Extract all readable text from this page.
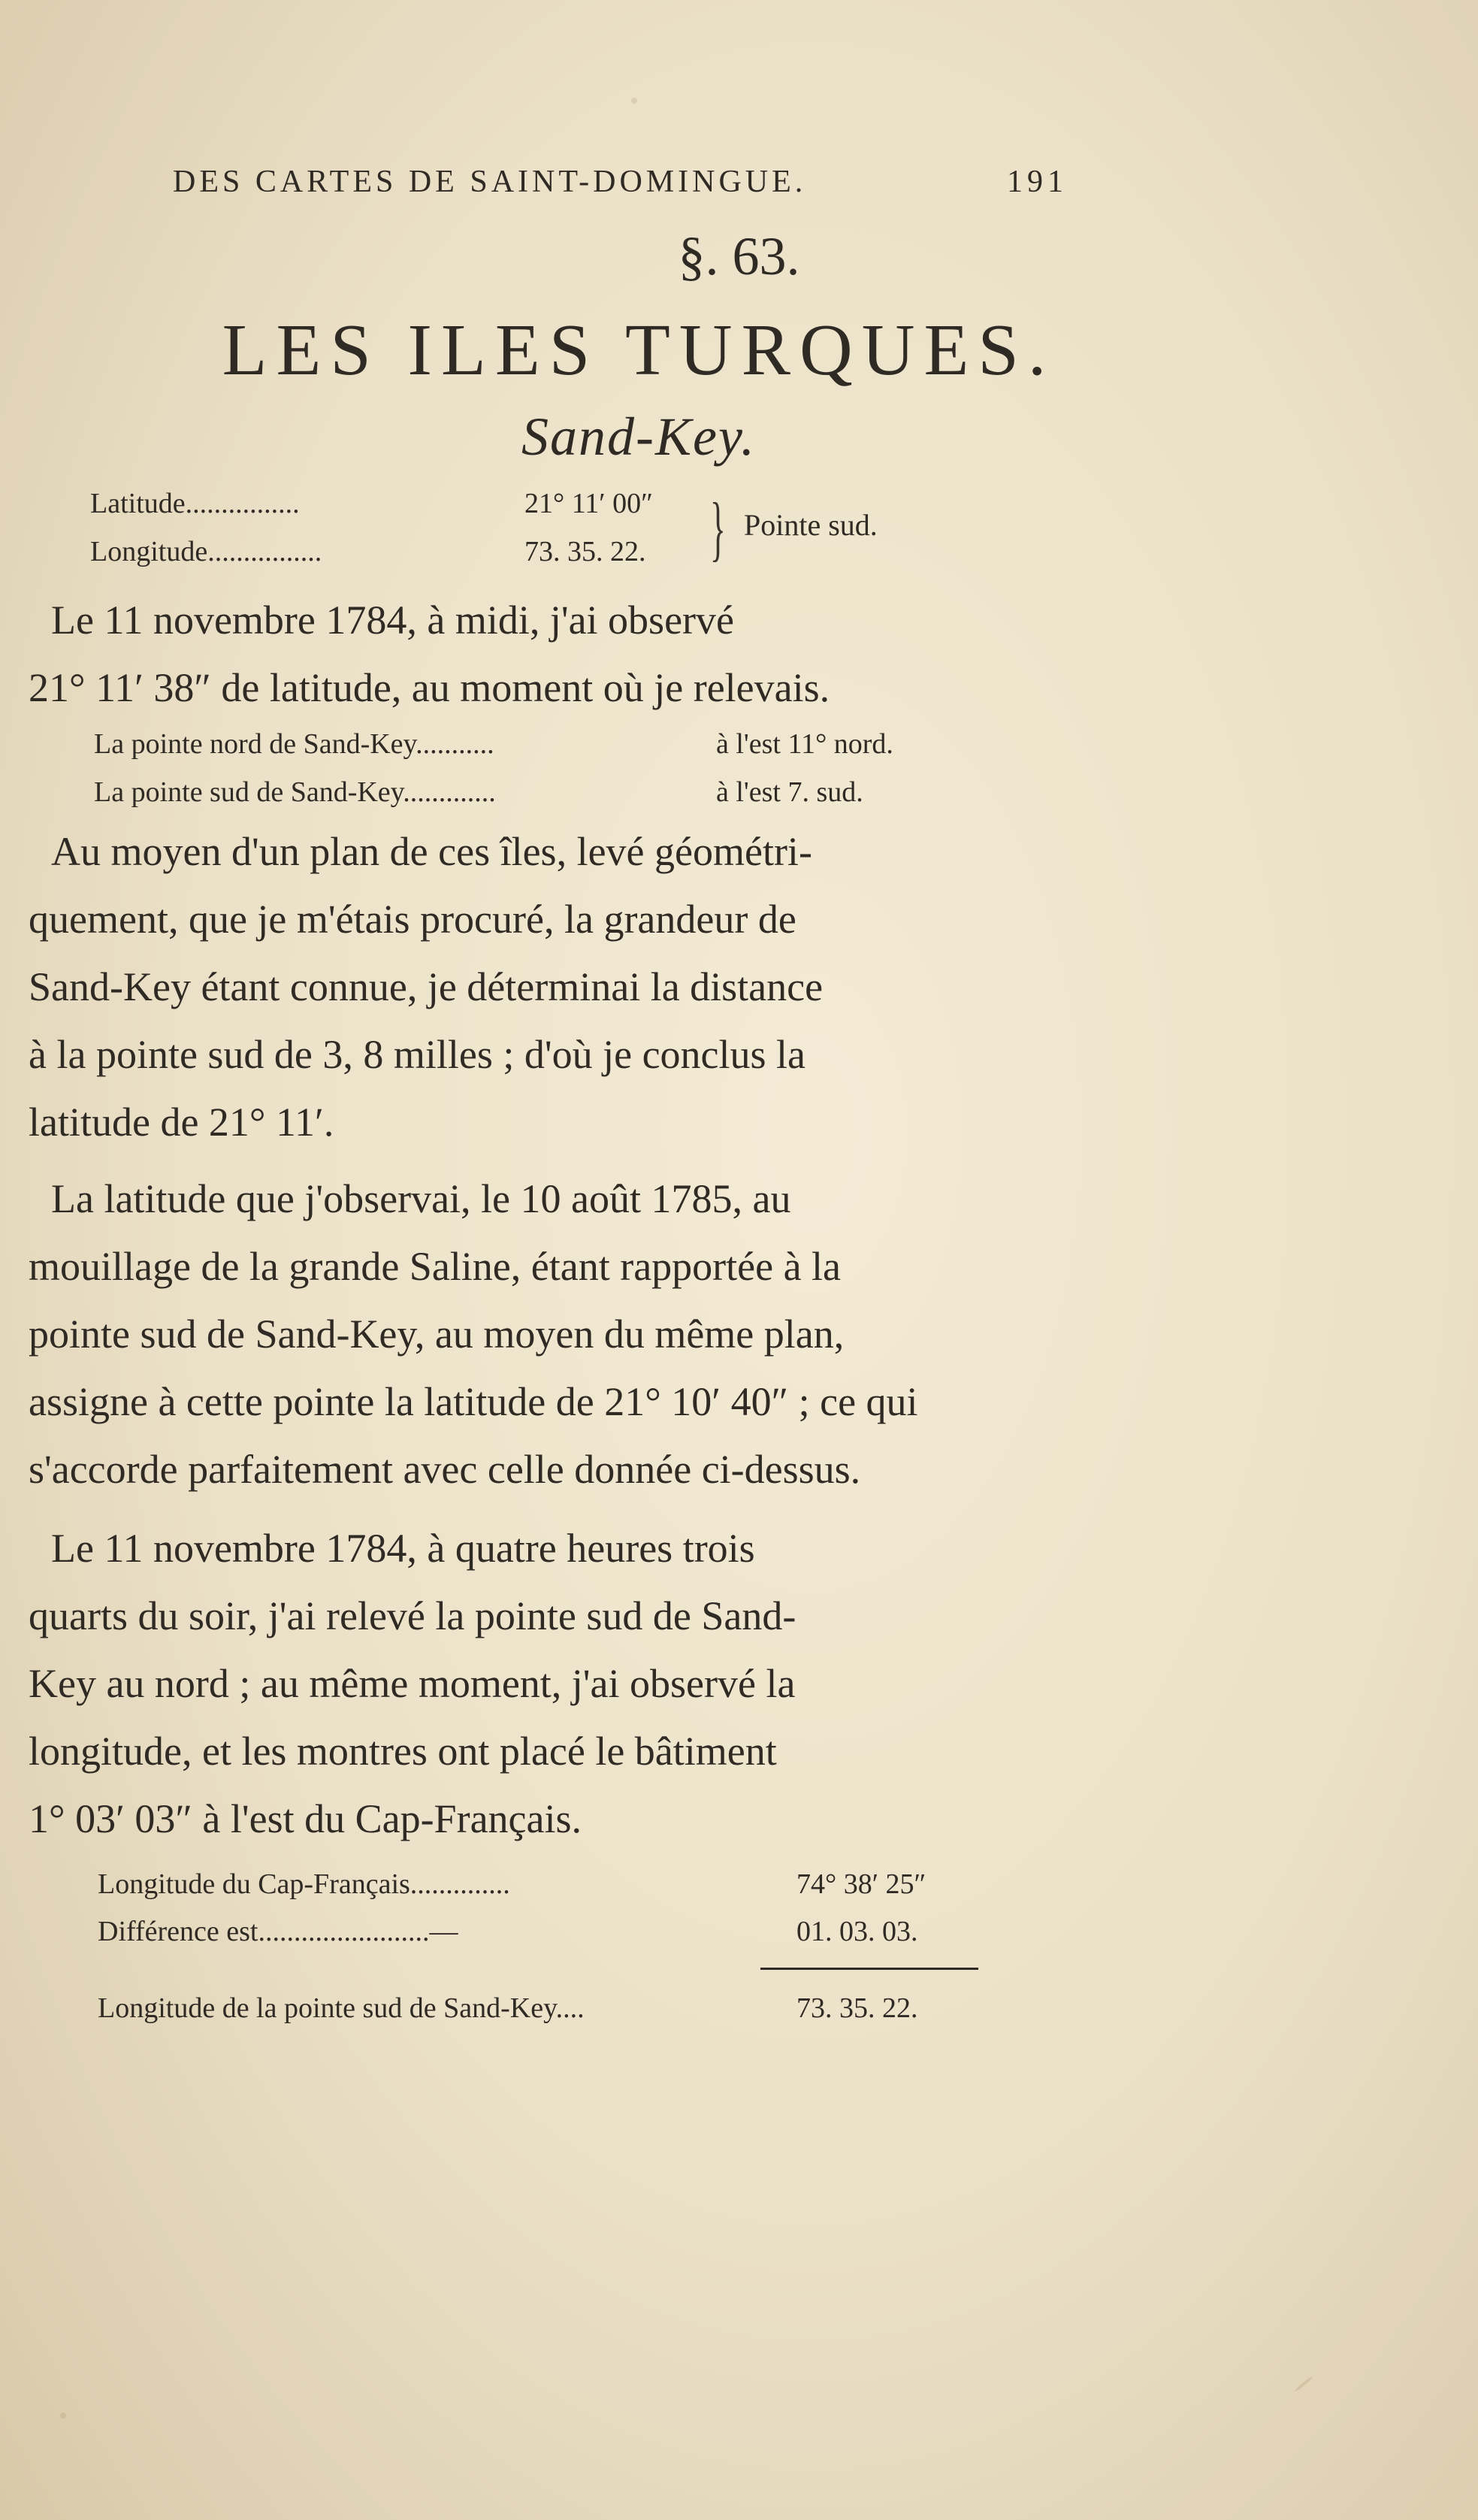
DES CARTES DE SAINT-DOMINGUE.	191
§. 63.
LES ILES TURQUES.
Sand-Key.
Latitude................	21° 11′ 00″
Longitude................	73. 35. 22. } Pointe sud.
Le 11 novembre 1784, à midi, j'ai observé
21° 11′ 38″ de latitude, au moment où je relevais.
La pointe nord de Sand-Key...........	à l'est 11° nord.
La pointe sud de Sand-Key.............	à l'est 7. sud.
Au moyen d'un plan de ces îles, levé géométri-
quement, que je m'étais procuré, la grandeur de
Sand-Key étant connue, je déterminai la distance
à la pointe sud de 3, 8 milles ; d'où je conclus la
latitude de 21° 11′.
La latitude que j'observai, le 10 août 1785, au
mouillage de la grande Saline, étant rapportée à la
pointe sud de Sand-Key, au moyen du même plan,
assigne à cette pointe la latitude de 21° 10′ 40″ ; ce qui
s'accorde parfaitement avec celle donnée ci-dessus.
Le 11 novembre 1784, à quatre heures trois
quarts du soir, j'ai relevé la pointe sud de Sand-
Key au nord ; au même moment, j'ai observé la
longitude, et les montres ont placé le bâtiment
1° 03′ 03″ à l'est du Cap-Français.
Longitude du Cap-Français..............	74° 38′ 25″
Différence est........................—	01. 03. 03.
Longitude de la pointe sud de Sand-Key....	73. 35. 22.
